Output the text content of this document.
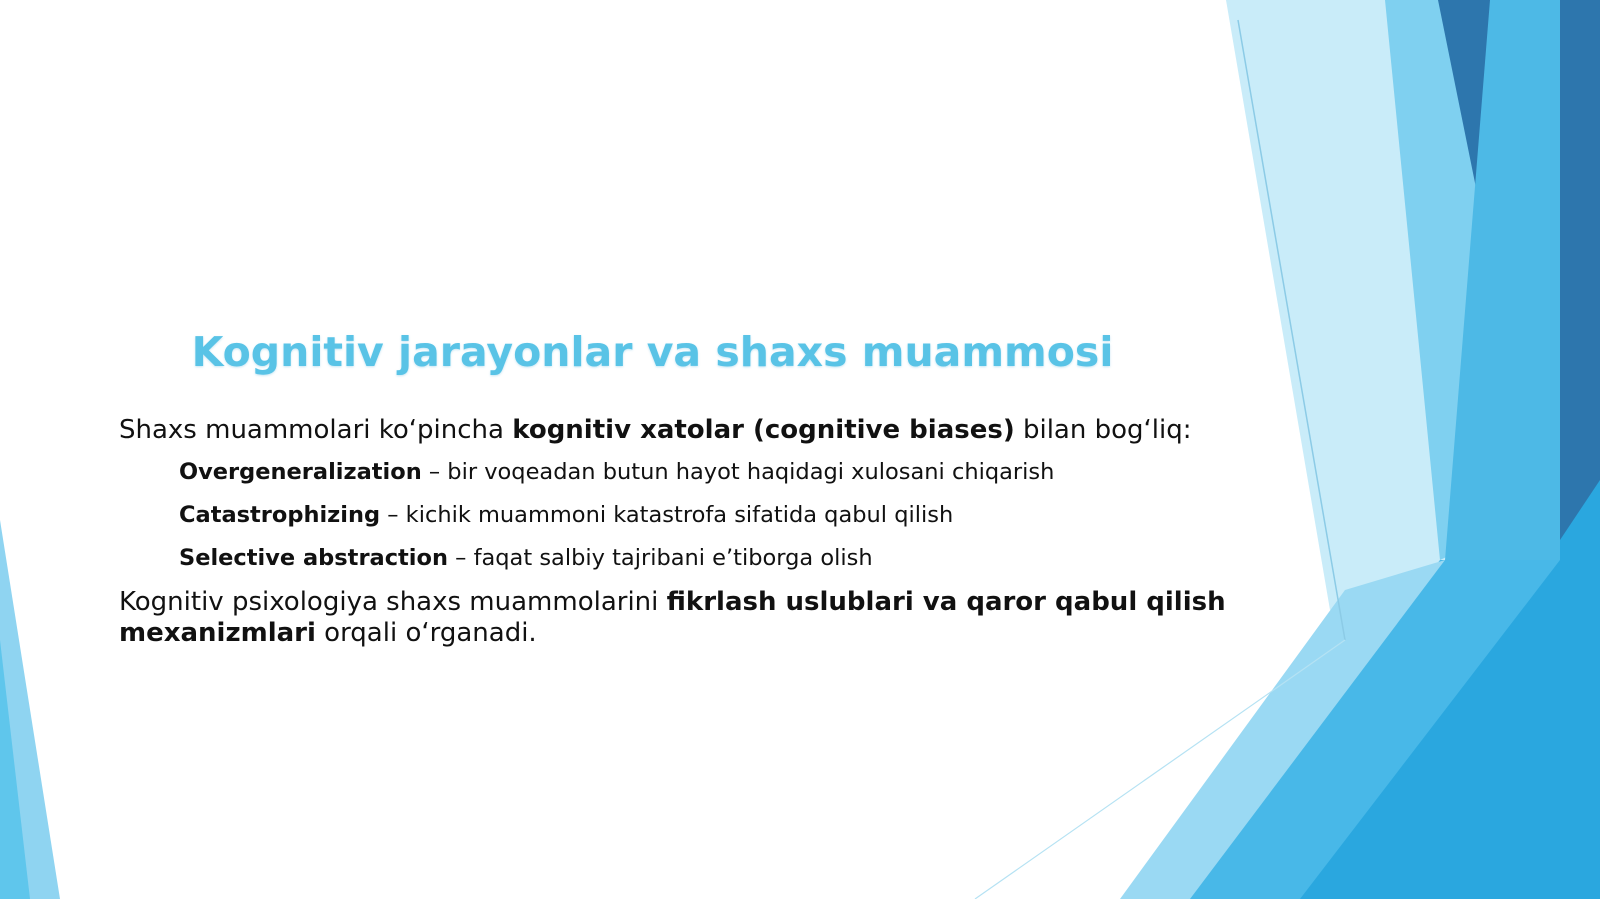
Kognitiv jarayonlar va shaxs muammosi

Shaxs muammolari ko‘pincha kognitiv xatolar (cognitive biases) bilan bog‘liq:

Overgeneralization – bir voqeadan butun hayot haqidagi xulosani chiqarish
Catastrophizing – kichik muammoni katastrofa sifatida qabul qilish
Selective abstraction – faqat salbiy tajribani e’tiborga olish

Kognitiv psixologiya shaxs muammolarini fikrlash uslublari va qaror qabul qilish mexanizmlari orqali o‘rganadi.
